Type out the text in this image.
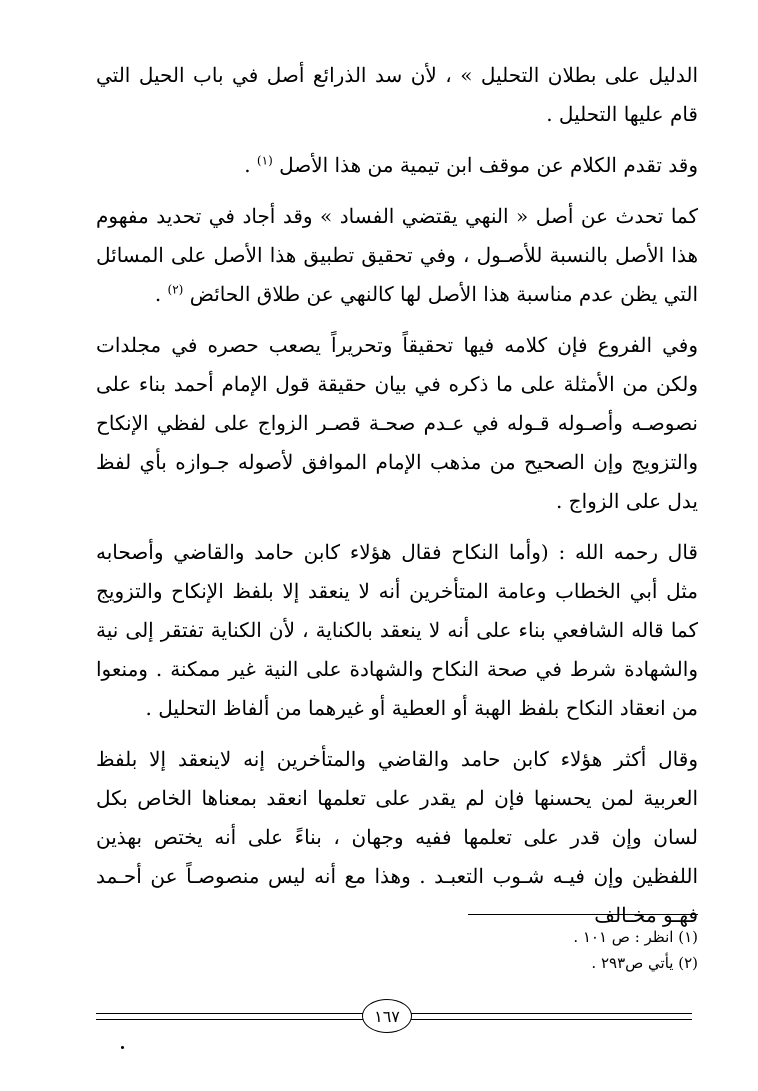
الدليل على بطلان التحليل » ، لأن سد الذرائع أصل في باب الحيل التي قام عليها التحليل .

وقد تقدم الكلام عن موقف ابن تيمية من هذا الأصل $^{(١)}$ .

كما تحدث عن أصل « النهي يقتضي الفساد » وقد أجاد في تحديد مفهوم هذا الأصل بالنسبة للأصـول ، وفي تحقيق تطبيق هذا الأصل على المسائل التي يظن عدم مناسبة هذا الأصل لها كالنهي عن طلاق الحائض $^{(٢)}$ .

وفي الفروع فإن كلامه فيها تحقيقاً وتحريراً يصعب حصره في مجلدات ولكن من الأمثلة على ما ذكره في بيان حقيقة قول الإمام أحمد بناء على نصوصـه وأصـوله قـوله في عـدم صحـة قصـر الزواج على لفظي الإنكاح والتزويج وإن الصحيح من مذهب الإمام الموافق لأصوله جـوازه بأي لفظ يدل على الزواج .

قال رحمه الله : (وأما النكاح فقال هؤلاء كابن حامد والقاضي وأصحابه مثل أبي الخطاب وعامة المتأخرين أنه لا ينعقد إلا بلفظ الإنكاح والتزويج كما قاله الشافعي بناء على أنه لا ينعقد بالكناية ، لأن الكناية تفتقر إلى نية والشهادة شرط في صحة النكاح والشهادة على النية غير ممكنة . ومنعوا من انعقاد النكاح بلفظ الهبة أو العطية أو غيرهما من ألفاظ التحليل .

وقال أكثر هؤلاء كابن حامد والقاضي والمتأخرين إنه لاينعقد إلا بلفظ العربية لمن يحسنها فإن لم يقدر على تعلمها انعقد بمعناها الخاص بكل لسان وإن قدر على تعلمها ففيه وجهان ، بناءً على أنه يختص بهذين اللفظين وإن فيـه شـوب التعبـد . وهذا مع أنه ليس منصوصـاً عن أحـمد فهـو مخـالف

(١) انظر : ص ١٠١ .
(٢) يأتي ص٢٩٣ .
١٦٧
